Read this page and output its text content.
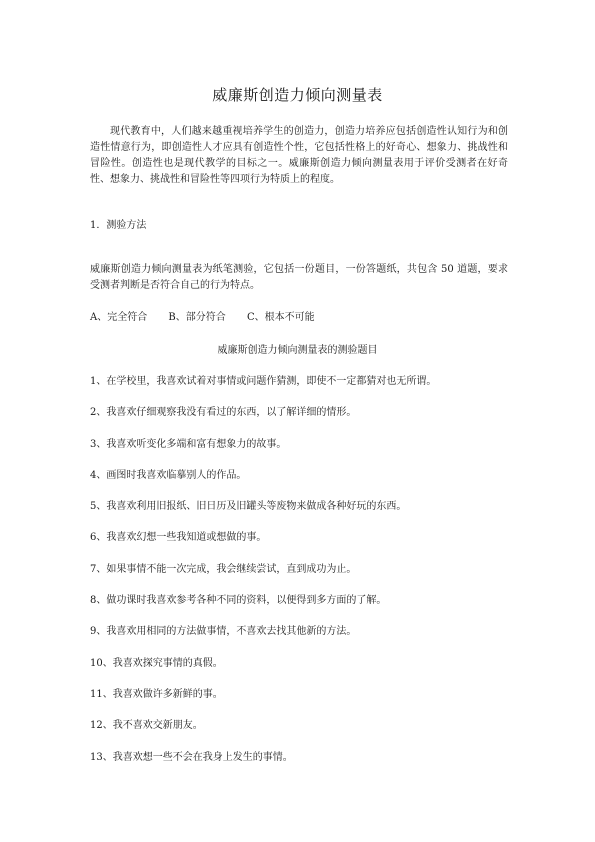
威廉斯创造力倾向测量表
现代教育中，人们越来越重视培养学生的创造力，创造力培养应包括创造性认知行为和创造性情意行为，即创造性人才应具有创造性个性，它包括性格上的好奇心、想象力、挑战性和冒险性。创造性也是现代教学的目标之一。威廉斯创造力倾向测量表用于评价受测者在好奇性、想象力、挑战性和冒险性等四项行为特质上的程度。
1．测验方法
威廉斯创造力倾向测量表为纸笔测验，它包括一份题目，一份答题纸，共包含 50 道题，要求受测者判断是否符合自己的行为特点。
A、完全符合 B、部分符合 C、根本不可能
威廉斯创造力倾向测量表的测验题目
1、在学校里，我喜欢试着对事情或问题作猜测，即使不一定都猜对也无所谓。
2、我喜欢仔细观察我没有看过的东西，以了解详细的情形。
3、我喜欢听变化多端和富有想象力的故事。
4、画图时我喜欢临摹别人的作品。
5、我喜欢利用旧报纸、旧日历及旧罐头等废物来做成各种好玩的东西。
6、我喜欢幻想一些我知道或想做的事。
7、如果事情不能一次完成，我会继续尝试，直到成功为止。
8、做功课时我喜欢参考各种不同的资料，以便得到多方面的了解。
9、我喜欢用相同的方法做事情，不喜欢去找其他新的方法。
10、我喜欢探究事情的真假。
11、我喜欢做许多新鲜的事。
12、我不喜欢交新朋友。
13、我喜欢想一些不会在我身上发生的事情。
